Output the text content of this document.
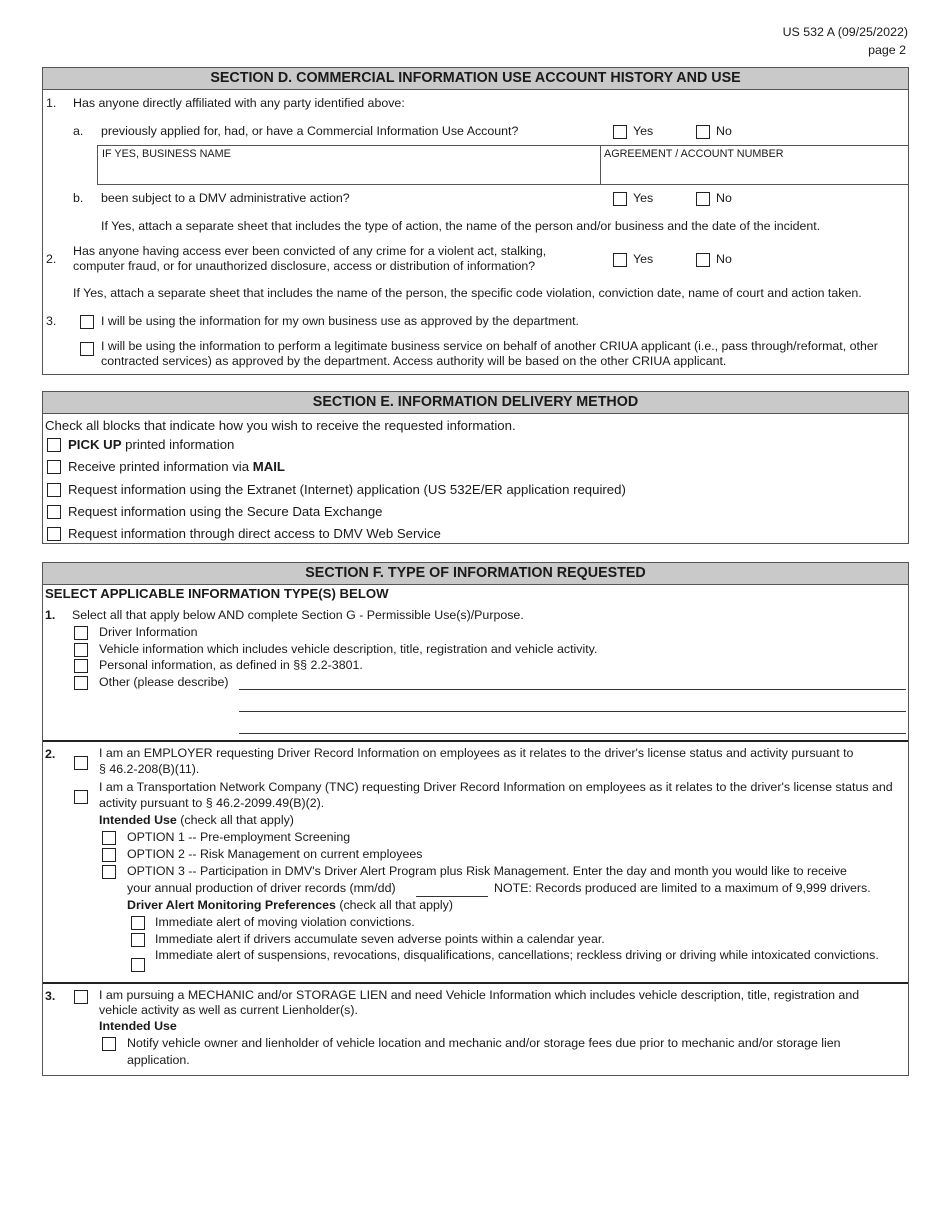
US 532 A (09/25/2022)
page 2
SECTION D. COMMERCIAL INFORMATION USE ACCOUNT HISTORY AND USE
1. Has anyone directly affiliated with any party identified above:
a. previously applied for, had, or have a Commercial Information Use Account?	Yes	No
IF YES, BUSINESS NAME	AGREEMENT / ACCOUNT NUMBER
b. been subject to a DMV administrative action?	Yes	No
If Yes, attach a separate sheet that includes the type of action, the name of the person and/or business and the date of the incident.
2.
Has anyone having access ever been convicted of any crime for a violent act, stalking, computer fraud, or for unauthorized disclosure, access or distribution of information?	Yes	No
If Yes, attach a separate sheet that includes the name of the person, the specific code violation, conviction date, name of court and action taken.
3.	I will be using the information for my own business use as approved by the department.
I will be using the information to perform a legitimate business service on behalf of another CRIUA applicant (i.e., pass through/reformat, other contracted services) as approved by the department. Access authority will be based on the other CRIUA applicant.
SECTION E. INFORMATION DELIVERY METHOD
Check all blocks that indicate how you wish to receive the requested information.
PICK UP printed information
Receive printed information via MAIL
Request information using the Extranet (Internet) application (US 532E/ER application required)
Request information using the Secure Data Exchange
Request information through direct access to DMV Web Service
SECTION F. TYPE OF INFORMATION REQUESTED
SELECT APPLICABLE INFORMATION TYPE(S) BELOW
1. Select all that apply below AND complete Section G - Permissible Use(s)/Purpose.
Driver Information
Vehicle information which includes vehicle description, title, registration and vehicle activity.
Personal information, as defined in §§ 2.2-3801.
Other (please describe)
2.	I am an EMPLOYER requesting Driver Record Information on employees as it relates to the driver's license status and activity pursuant to § 46.2-208(B)(11).
I am a Transportation Network Company (TNC) requesting Driver Record Information on employees as it relates to the driver's license status and activity pursuant to § 46.2-2099.49(B)(2).
Intended Use (check all that apply)
OPTION 1 -- Pre-employment Screening
OPTION 2 -- Risk Management on current employees
OPTION 3 -- Participation in DMV's Driver Alert Program plus Risk Management. Enter the day and month you would like to receive
your annual production of driver records (mm/dd)	NOTE: Records produced are limited to a maximum of 9,999 drivers.
Driver Alert Monitoring Preferences (check all that apply)
Immediate alert of moving violation convictions.
Immediate alert if drivers accumulate seven adverse points within a calendar year.
Immediate alert of suspensions, revocations, disqualifications, cancellations; reckless driving or driving while intoxicated convictions.
3.	I am pursuing a MECHANIC and/or STORAGE LIEN and need Vehicle Information which includes vehicle description, title, registration and vehicle activity as well as current Lienholder(s).
Intended Use
Notify vehicle owner and lienholder of vehicle location and mechanic and/or storage fees due prior to mechanic and/or storage lien application.
